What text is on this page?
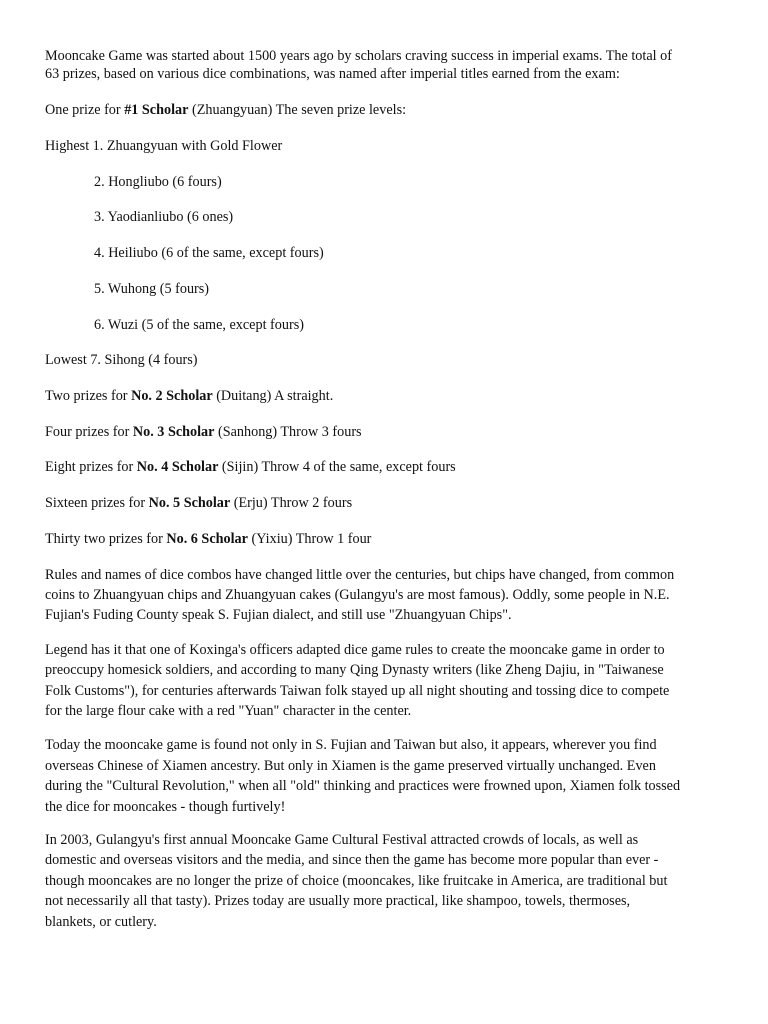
Mooncake Game was started about 1500 years ago by scholars craving success in imperial exams. The total of
63 prizes, based on various dice combinations, was named after imperial titles earned from the exam:
One prize for #1 Scholar (Zhuangyuan) The seven prize levels:
Highest 1. Zhuangyuan with Gold Flower
2. Hongliubo (6 fours)
3. Yaodianliubo (6 ones)
4. Heiliubo (6 of the same, except fours)
5. Wuhong (5 fours)
6. Wuzi (5 of the same, except fours)
Lowest 7. Sihong (4 fours)
Two prizes for No. 2 Scholar (Duitang) A straight.
Four prizes for No. 3 Scholar (Sanhong) Throw 3 fours
Eight prizes for No. 4 Scholar (Sijin) Throw 4 of the same, except fours
Sixteen prizes for No. 5 Scholar (Erju) Throw 2 fours
Thirty two prizes for No. 6 Scholar (Yixiu) Throw 1 four
Rules and names of dice combos have changed little over the centuries, but chips have changed, from common
coins to Zhuangyuan chips and Zhuangyuan cakes (Gulangyu's are most famous). Oddly, some people in N.E.
Fujian's Fuding County speak S. Fujian dialect, and still use "Zhuangyuan Chips".
Legend has it that one of Koxinga's officers adapted dice game rules to create the mooncake game in order to
preoccupy homesick soldiers, and according to many Qing Dynasty writers (like Zheng Dajiu, in "Taiwanese
Folk Customs"), for centuries afterwards Taiwan folk stayed up all night shouting and tossing dice to compete
for the large flour cake with a red "Yuan" character in the center.
Today the mooncake game is found not only in S. Fujian and Taiwan but also, it appears, wherever you find
overseas Chinese of Xiamen ancestry. But only in Xiamen is the game preserved virtually unchanged. Even
during the "Cultural Revolution," when all "old" thinking and practices were frowned upon, Xiamen folk tossed
the dice for mooncakes - though furtively!
In 2003, Gulangyu's first annual Mooncake Game Cultural Festival attracted crowds of locals, as well as
domestic and overseas visitors and the media, and since then the game has become more popular than ever -
though mooncakes are no longer the prize of choice (mooncakes, like fruitcake in America, are traditional but
not necessarily all that tasty). Prizes today are usually more practical, like shampoo, towels, thermoses,
blankets, or cutlery.
